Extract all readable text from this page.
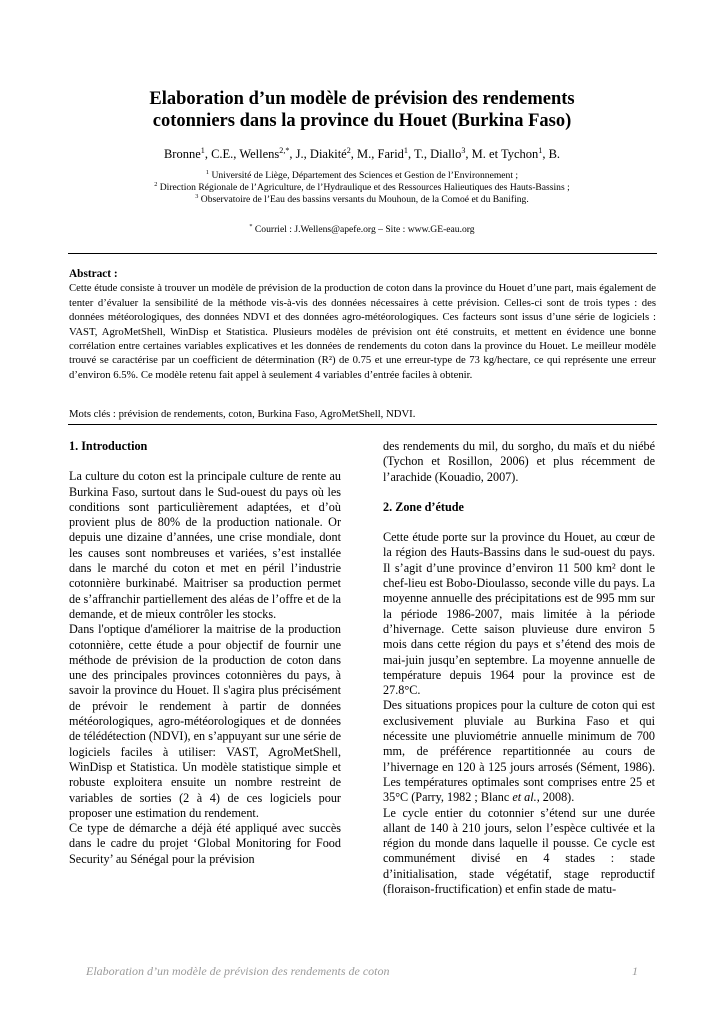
Elaboration d’un modèle de prévision des rendements
cotonniers dans la province du Houet (Burkina Faso)
Bronne$^1$, C.E., Wellens$^{2,*}$, J., Diakité$^2$, M., Farid$^1$, T., Diallo$^3$, M. et Tychon$^1$, B.
$^1$ Université de Liège, Département des Sciences et Gestion de l’Environnement ;
$^2$ Direction Régionale de l’Agriculture, de l’Hydraulique et des Ressources Halieutiques des Hauts-Bassins ;
$^3$ Observatoire de l’Eau des bassins versants du Mouhoun, de la Comoé et du Banifing.
* Courriel : J.Wellens@apefe.org – Site : www.GE-eau.org
Abstract :
Cette étude consiste à trouver un modèle de prévision de la production de coton dans la province du Houet d’une part, mais également de tenter d’évaluer la sensibilité de la méthode vis-à-vis des données nécessaires à cette prévision. Celles-ci sont de trois types : des données météorologiques, des données NDVI et des données agro-météorologiques. Ces facteurs sont issus d’une série de logiciels : VAST, AgroMetShell, WinDisp et Statistica. Plusieurs modèles de prévision ont été construits, et mettent en évidence une bonne corrélation entre certaines variables explicatives et les données de rendements du coton dans la province du Houet. Le meilleur modèle trouvé se caractérise par un coefficient de détermination (R²) de 0.75 et une erreur-type de 73 kg/hectare, ce qui représente une erreur d’environ 6.5%. Ce modèle retenu fait appel à seulement 4 variables d’entrée faciles à obtenir.
Mots clés : prévision de rendements, coton, Burkina Faso, AgroMetShell, NDVI.
1. Introduction

La culture du coton est la principale culture de rente au Burkina Faso, surtout dans le Sud-ouest du pays où les conditions sont particulièrement adaptées, et d’où provient plus de 80% de la production nationale. Or depuis une dizaine d’années, une crise mondiale, dont les causes sont nombreuses et variées, s’est installée dans le marché du coton et met en péril l’industrie cotonnière burkinabé. Maitriser sa production permet de s’affranchir partiellement des aléas de l’offre et de la demande, et de mieux contrôler les stocks.

Dans l'optique d'améliorer la maitrise de la production cotonnière, cette étude a pour objectif de fournir une méthode de prévision de la production de coton dans une des principales provinces cotonnières du pays, à savoir la province du Houet. Il s'agira plus précisément de prévoir le rendement à partir de données météorologiques, agro-météorologiques et de données de télédétection (NDVI), en s’appuyant sur une série de logiciels faciles à utiliser: VAST, AgroMetShell, WinDisp et Statistica. Un modèle statistique simple et robuste exploitera ensuite un nombre restreint de variables de sorties (2 à 4) de ces logiciels pour proposer une estimation du rendement.

Ce type de démarche a déjà été appliqué avec succès dans le cadre du projet ‘Global Monitoring for Food Security’ au Sénégal pour la prévision

des rendements du mil, du sorgho, du maïs et du niébé (Tychon et Rosillon, 2006) et plus récemment de l’arachide (Kouadio, 2007).

2. Zone d’étude

Cette étude porte sur la province du Houet, au cœur de la région des Hauts-Bassins dans le sud-ouest du pays. Il s’agit d’une province d’environ 11 500 km² dont le chef-lieu est Bobo-Dioulasso, seconde ville du pays. La moyenne annuelle des précipitations est de 995 mm sur la période 1986-2007, mais limitée à la période d’hivernage. Cette saison pluvieuse dure environ 5 mois dans cette région du pays et s’étend des mois de mai-juin jusqu’en septembre. La moyenne annuelle de température depuis 1964 pour la province est de 27.8°C.

Des situations propices pour la culture de coton qui est exclusivement pluviale au Burkina Faso et qui nécessite une pluviométrie annuelle minimum de 700 mm, de préférence repartitionnée au cours de l’hivernage en 120 à 125 jours arrosés (Sément, 1986). Les températures optimales sont comprises entre 25 et 35°C (Parry, 1982 ; Blanc et al., 2008).

Le cycle entier du cotonnier s’étend sur une durée allant de 140 à 210 jours, selon l’espèce cultivée et la région du monde dans laquelle il pousse. Ce cycle est communément divisé en 4 stades : stade d’initialisation, stade végétatif, stage reproductif (floraison-fructification) et enfin stade de matu-

Elaboration d’un modèle de prévision des rendements de coton	1
